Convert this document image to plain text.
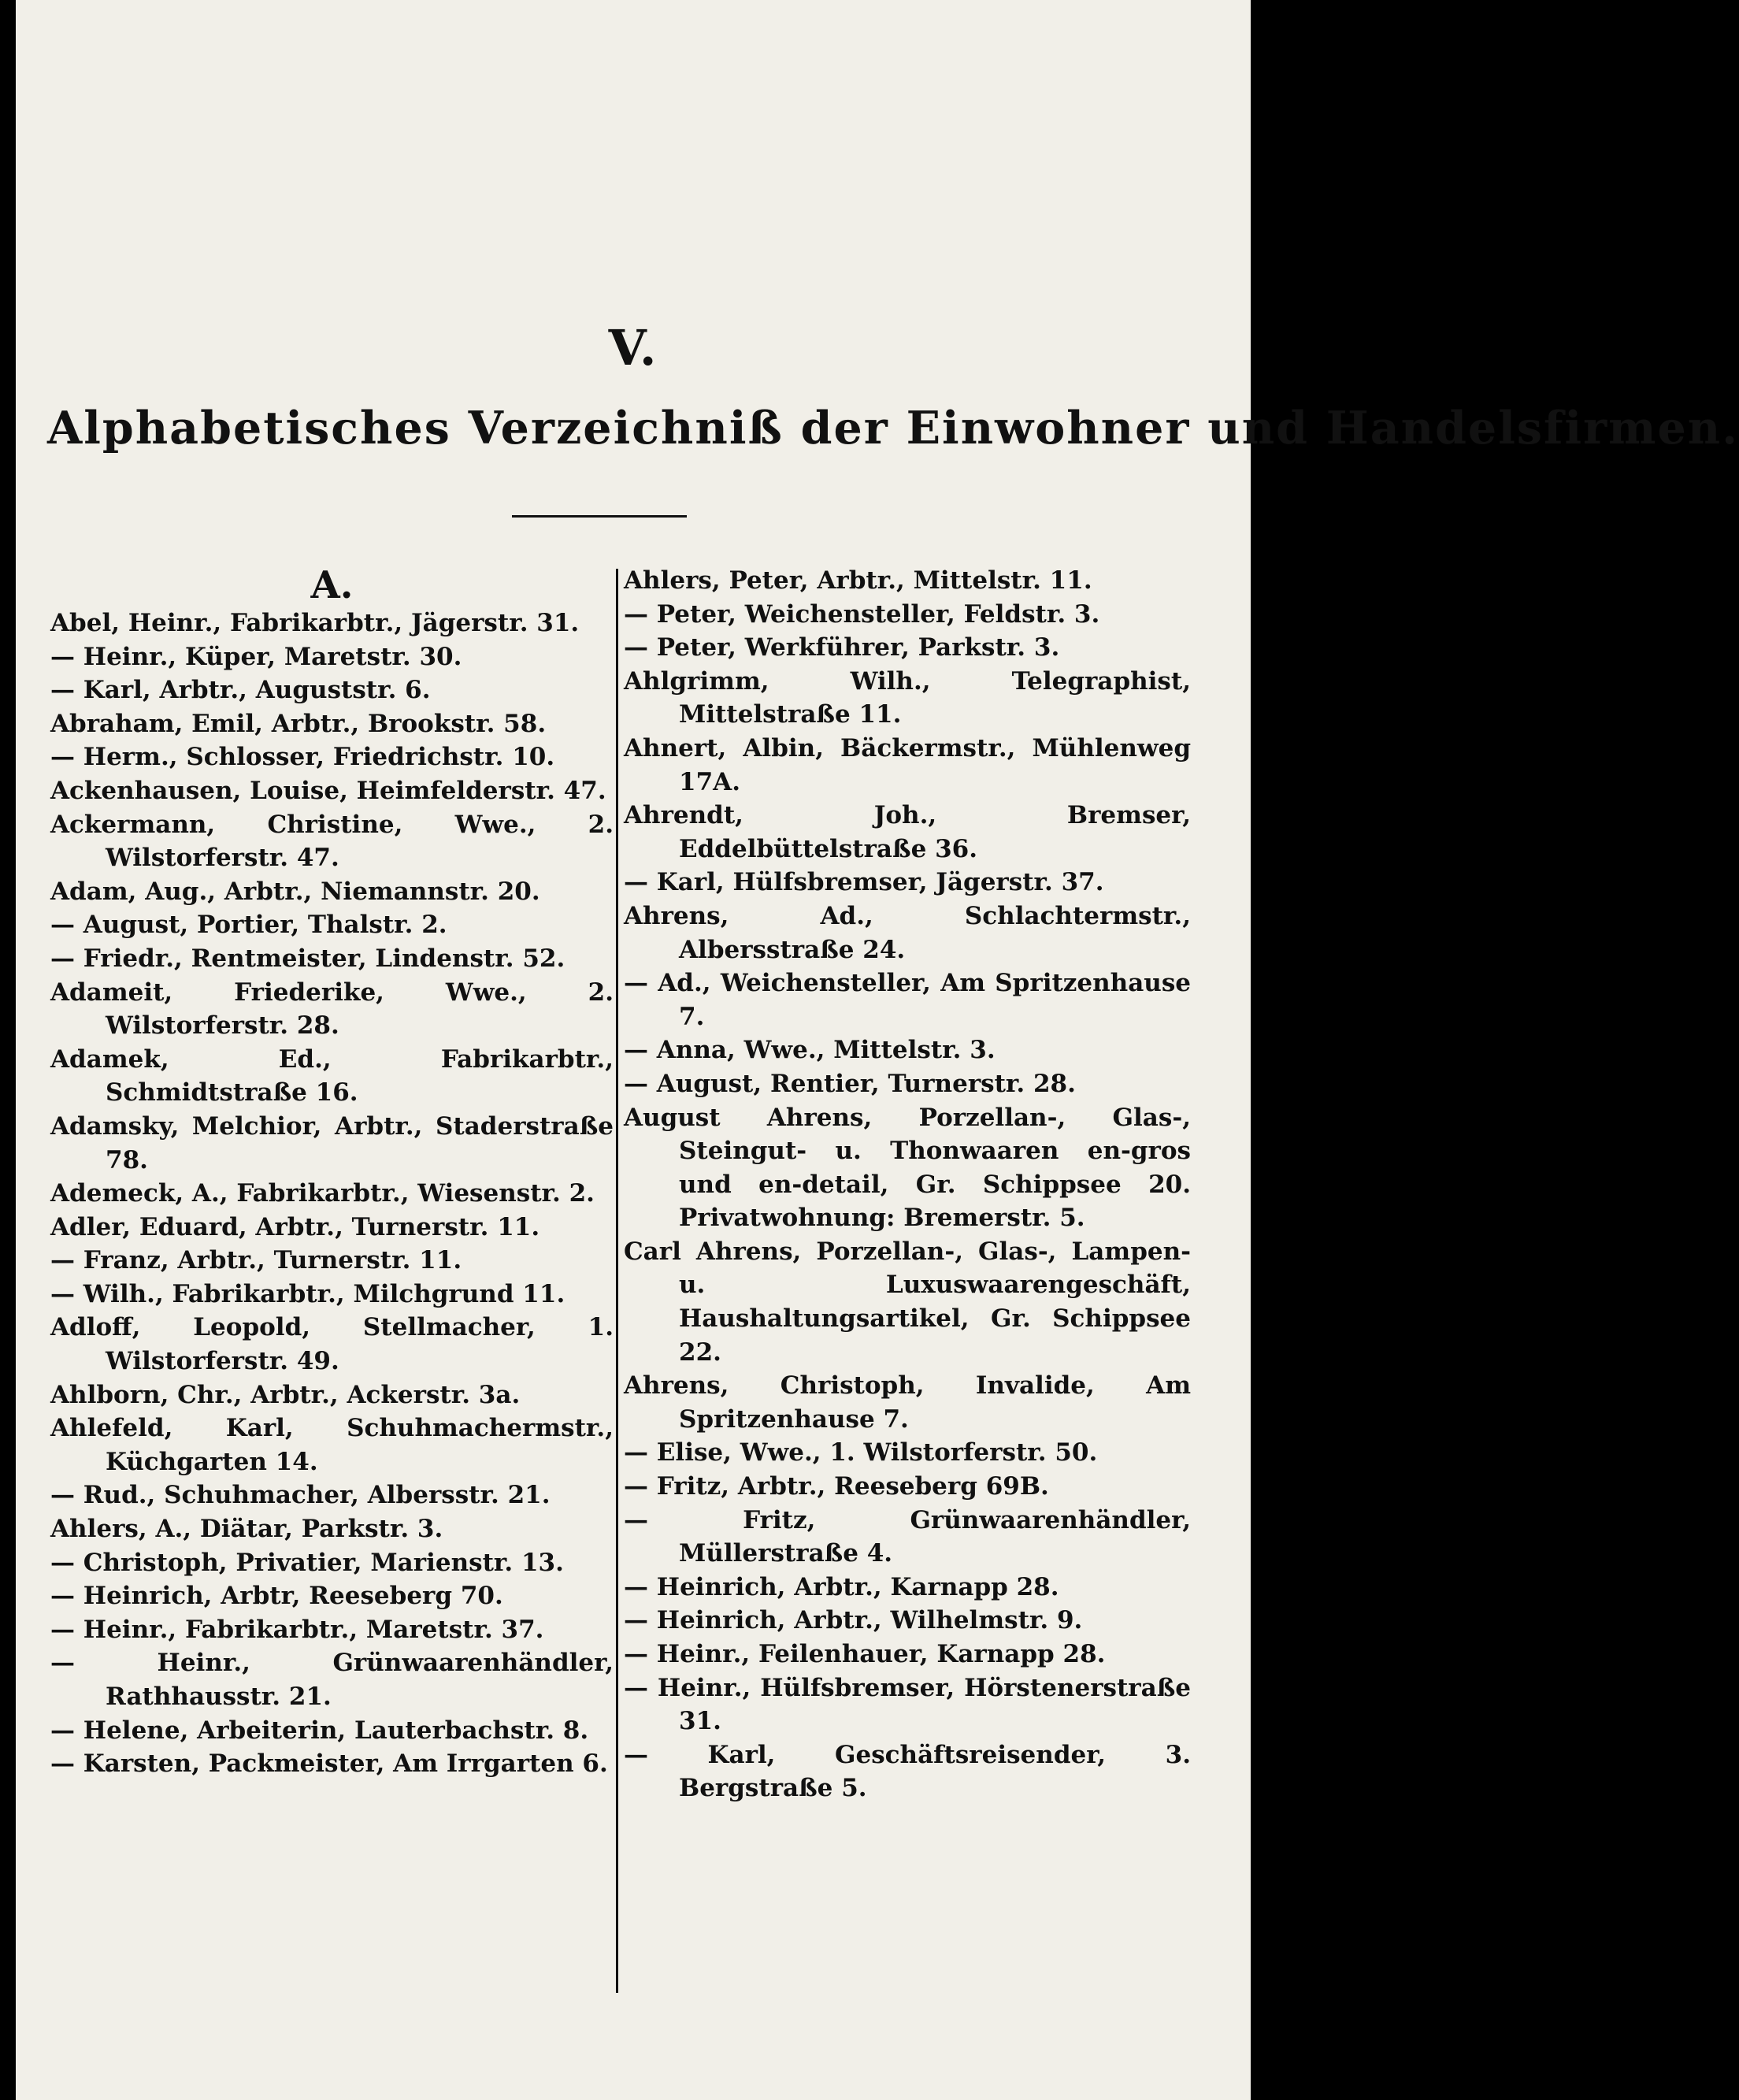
V.
Alphabetisches Verzeichniß der Einwohner und Handelsfirmen.
A.

Abel, Heinr., Fabrikarbtr., Jägerstr. 31.

— Heinr., Küper, Maretstr. 30.

— Karl, Arbtr., Auguststr. 6.

Abraham, Emil, Arbtr., Brookstr. 58.

— Herm., Schlosser, Friedrichstr. 10.

Ackenhausen, Louise, Heimfelderstr. 47.

Ackermann, Christine, Wwe., 2. Wilstorferstr. 47.

Adam, Aug., Arbtr., Niemannstr. 20.

— August, Portier, Thalstr. 2.

— Friedr., Rentmeister, Lindenstr. 52.

Adameit, Friederike, Wwe., 2. Wilstorferstr. 28.

Adamek, Ed., Fabrikarbtr., Schmidtstraße 16.

Adamsky, Melchior, Arbtr., Staderstraße 78.

Ademeck, A., Fabrikarbtr., Wiesenstr. 2.

Adler, Eduard, Arbtr., Turnerstr. 11.

— Franz, Arbtr., Turnerstr. 11.

— Wilh., Fabrikarbtr., Milchgrund 11.

Adloff, Leopold, Stellmacher, 1. Wilstorferstr. 49.

Ahlborn, Chr., Arbtr., Ackerstr. 3a.

Ahlefeld, Karl, Schuhmachermstr., Küchgarten 14.

— Rud., Schuhmacher, Albersstr. 21.

Ahlers, A., Diätar, Parkstr. 3.

— Christoph, Privatier, Marienstr. 13.

— Heinrich, Arbtr, Reeseberg 70.

— Heinr., Fabrikarbtr., Maretstr. 37.

— Heinr., Grünwaarenhändler, Rathhausstr. 21.

— Helene, Arbeiterin, Lauterbachstr. 8.

— Karsten, Packmeister, Am Irrgarten 6.

Ahlers, Peter, Arbtr., Mittelstr. 11.

— Peter, Weichensteller, Feldstr. 3.

— Peter, Werkführer, Parkstr. 3.

Ahlgrimm, Wilh., Telegraphist, Mittelstraße 11.

Ahnert, Albin, Bäckermstr., Mühlenweg 17A.

Ahrendt, Joh., Bremser, Eddelbüttelstraße 36.

— Karl, Hülfsbremser, Jägerstr. 37.

Ahrens, Ad., Schlachtermstr., Albersstraße 24.

— Ad., Weichensteller, Am Spritzenhause 7.

— Anna, Wwe., Mittelstr. 3.

— August, Rentier, Turnerstr. 28.

August Ahrens, Porzellan-, Glas-, Steingut- u. Thonwaaren en-gros und en-detail, Gr. Schippsee 20. Privatwohnung: Bremerstr. 5.

Carl Ahrens, Porzellan-, Glas-, Lampen- u. Luxuswaarengeschäft, Haushaltungsartikel, Gr. Schippsee 22.

Ahrens, Christoph, Invalide, Am Spritzenhause 7.

— Elise, Wwe., 1. Wilstorferstr. 50.

— Fritz, Arbtr., Reeseberg 69B.

— Fritz, Grünwaarenhändler, Müllerstraße 4.

— Heinrich, Arbtr., Karnapp 28.

— Heinrich, Arbtr., Wilhelmstr. 9.

— Heinr., Feilenhauer, Karnapp 28.

— Heinr., Hülfsbremser, Hörstenerstraße 31.

— Karl, Geschäftsreisender, 3. Bergstraße 5.
